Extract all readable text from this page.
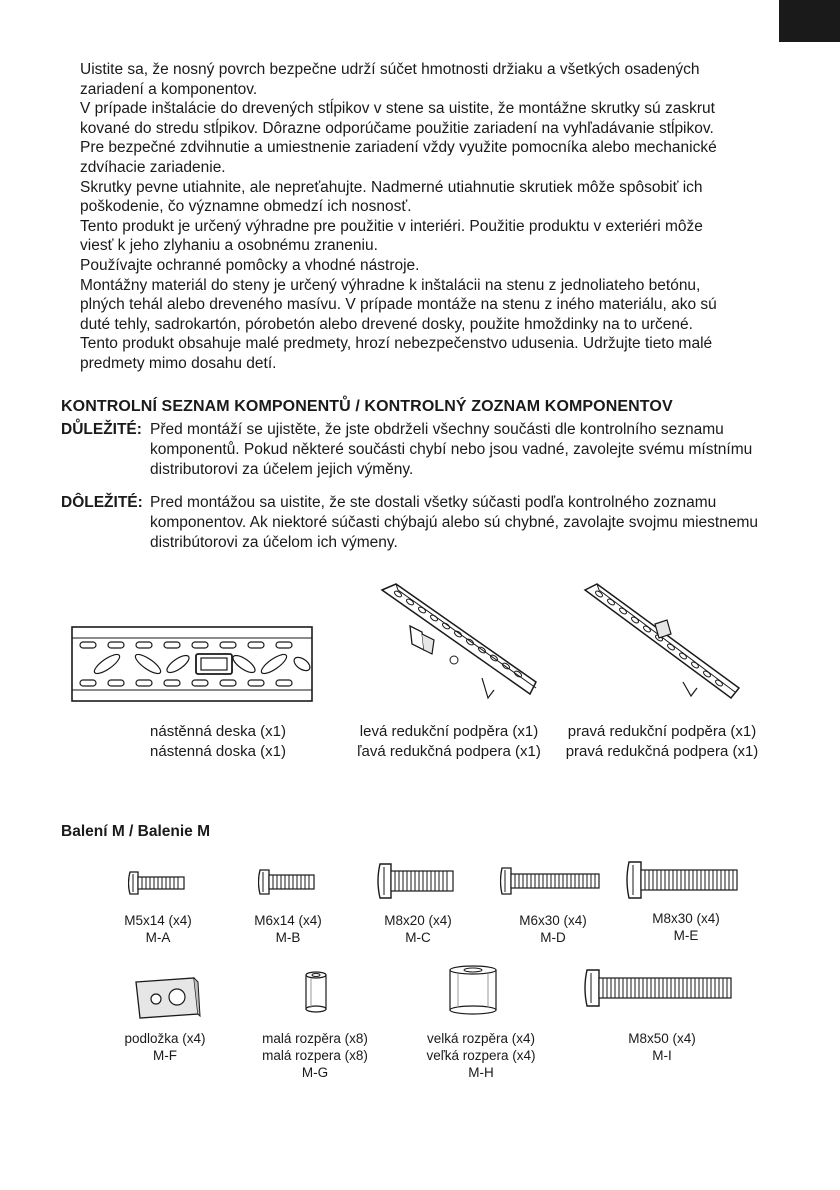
Uistite sa, že nosný povrch bezpečne udrží súčet hmotnosti držiaku a všetkých osadených
zariadení a komponentov.
V prípade inštalácie do drevených stĺpikov v stene sa uistite, že montážne skrutky sú zaskrut
kované do stredu stĺpikov. Dôrazne odporúčame použitie zariadení na vyhľadávanie stĺpikov.
Pre bezpečné zdvihnutie a umiestnenie zariadení vždy využite pomocníka alebo mechanické
zdvíhacie zariadenie.
Skrutky pevne utiahnite, ale nepreťahujte. Nadmerné utiahnutie skrutiek môže spôsobiť ich
poškodenie, čo významne obmedzí ich nosnosť.
Tento produkt je určený výhradne pre použitie v interiéri. Použitie produktu v exteriéri môže
viesť k jeho zlyhaniu a osobnému zraneniu.
Používajte ochranné pomôcky a vhodné nástroje.
Montážny materiál do steny je určený výhradne k inštalácii na stenu z jednoliateho betónu,
plných tehál alebo dreveného masívu. V prípade montáže na stenu z iného materiálu, ako sú
duté tehly, sadrokartón, pórobetón alebo drevené dosky, použite hmoždinky na to určené.
Tento produkt obsahuje malé predmety, hrozí nebezpečenstvo udusenia. Udržujte tieto malé
predmety mimo dosahu detí.
KONTROLNÍ SEZNAM KOMPONENTŮ / KONTROLNÝ ZOZNAM KOMPONENTOV
DŮLEŽITÉ: Před montáží se ujistěte, že jste obdrželi všechny součásti dle kontrolního seznamu komponentů. Pokud některé součásti chybí nebo jsou vadné, zavolejte svému místnímu distributorovi za účelem jejich výměny.
DÔLEŽITÉ: Pred montážou sa uistite, že ste dostali všetky súčasti podľa kontrolného zoznamu komponentov. Ak niektoré súčasti chýbajú alebo sú chybné, zavolajte svojmu miestnemu distribútorovi za účelom ich výmeny.
nástěnná deska (x1)
nástenná doska (x1)
levá redukční podpěra (x1)
ľavá redukčná podpera (x1)
pravá redukční podpěra (x1)
pravá redukčná podpera (x1)
Balení M / Balenie M
M5x14 (x4)
M-A
M6x14 (x4)
M-B
M8x20 (x4)
M-C
M6x30 (x4)
M-D
M8x30 (x4)
M-E
podložka (x4)
M-F
malá rozpěra (x8)
malá rozpera (x8)
M-G
velká rozpěra (x4)
veľká rozpera (x4)
M-H
M8x50 (x4)
M-I
